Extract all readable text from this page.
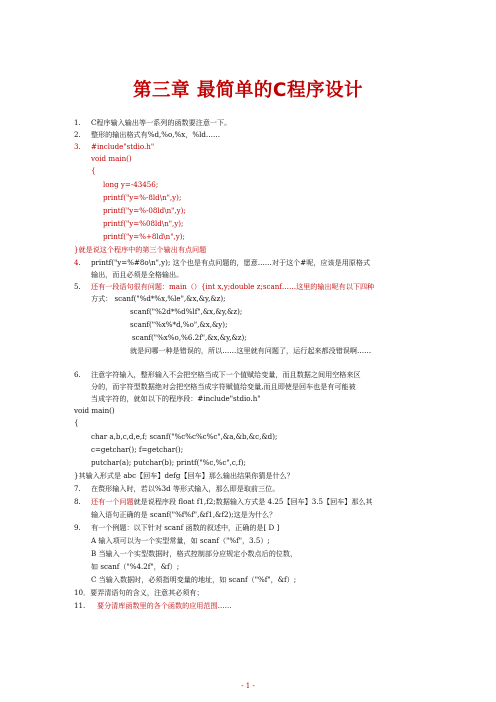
第三章 最简单的C程序设计
1. C程序输入输出等一系列的函数要注意一下。
2. 整形的输出格式有%d,%o,%x，%ld……
3. #include"stdio.h"
void main()
{
long y=-43456;
printf("y=%-8ld\n",y);
printf("y=%-08ld\n",y);
printf("y=%08ld\n",y);
printf("y=%+8ld\n",y);
}就是说这个程序中的第三个输出有点问题
4. printf("y=%#8o\n",y); 这个也是有点问题的，愿意……对于这个#呢，应该是用原格式
输出，而且必须是全格输出。
5. 还有一段语句很有问题：main（）{int x,y;double z;scanf……这里的输出呢有以下四种
方式： scanf("%d*%x,%le",&x,&y,&z);
scanf("%2d*%d%lf",&x,&y,&z);
scanf("%x%*d,%o",&x,&y);
scanf("%x%o,%6.2f",&x,&y,&z);
就是问哪一种是错误的，所以……这里就有问题了，运行起来都没错误啊……
6. 注意字符输入，整形输入不会把空格当成下一个值赋给变量，而且数据之间用空格来区
分的，而字符型数据绝对会把空格当成字符赋值给变量,而且即使是回车也是有可能被
当成字符的，就如以下的程序段：#include"stdio.h"
void main()
{
char a,b,c,d,e,f; scanf("%c%c%c%c",&a,&b,&c,&d);
c=getchar(); f=getchar();
putchar(a); putchar(b); printf("%c,%c",c,f);
}其输入形式是 abc【回车】defg【回车】那么输出结果你猜是什么？
7. 在赘形输入时，若以%3d 等形式输入，那么即是取前三位。
8. 还有一个问题就是说程序段 float f1,f2;数据输入方式是 4.25【回车】3.5【回车】那么其
输入语句正确的是 scanf("%f%f",&f1,&f2);这是为什么？
9. 有一个例题：以下针对 scanf 函数的叙述中，正确的是[ D ]
A 输入项可以为一个实型常量，如 scanf（"%f"，3.5）;
B 当输入一个实型数据时，格式控制部分应规定小数点后的位数，
如 scanf（"%4.2f"，&f）;
C 当输入数据时，必须指明变量的地址，如 scanf（"%f"，&f）;
10．要弄清语句的含义，注意其必须有；
11. 要分清库函数里的各个函数的应用范围……
- 1 -
